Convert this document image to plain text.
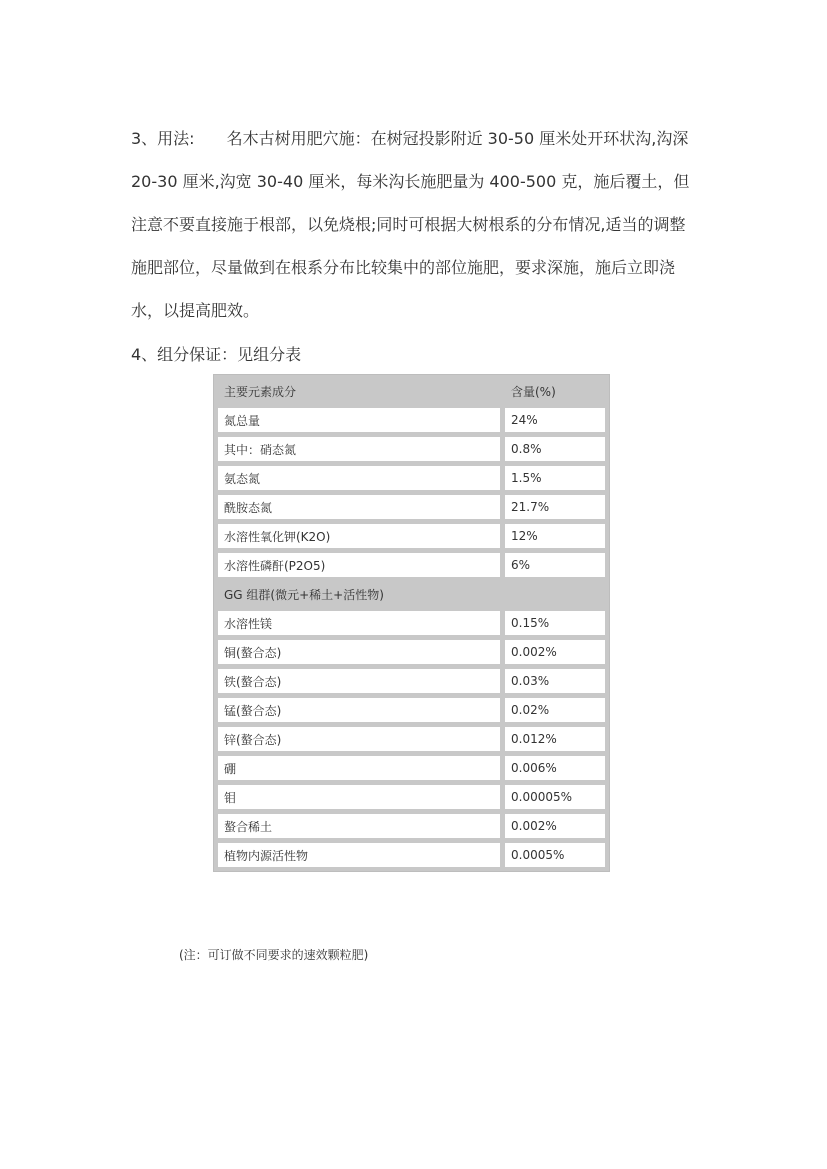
3、用法: 名木古树用肥穴施：在树冠投影附近 30-50 厘米处开环状沟,沟深 20-30 厘米,沟宽 30-40 厘米，每米沟长施肥量为 400-500 克，施后覆土，但注意不要直接施于根部，以免烧根;同时可根据大树根系的分布情况,适当的调整施肥部位，尽量做到在根系分布比较集中的部位施肥，要求深施，施后立即浇水，以提高肥效。

4、组分保证：见组分表

主要元素成分	含量(%)
氮总量	24%
其中：硝态氮	0.8%
氨态氮	1.5%
酰胺态氮	21.7%
水溶性氧化钾(K2O)	12%
水溶性磷酐(P2O5)	6%
GG 组群(微元+稀土+活性物)	
水溶性镁	0.15%
铜(螯合态)	0.002%
铁(螯合态)	0.03%
锰(螯合态)	0.02%
锌(螯合态)	0.012%
硼	0.006%
钼	0.00005%
螯合稀土	0.002%
植物内源活性物	0.0005%
(注：可订做不同要求的速效颗粒肥)
